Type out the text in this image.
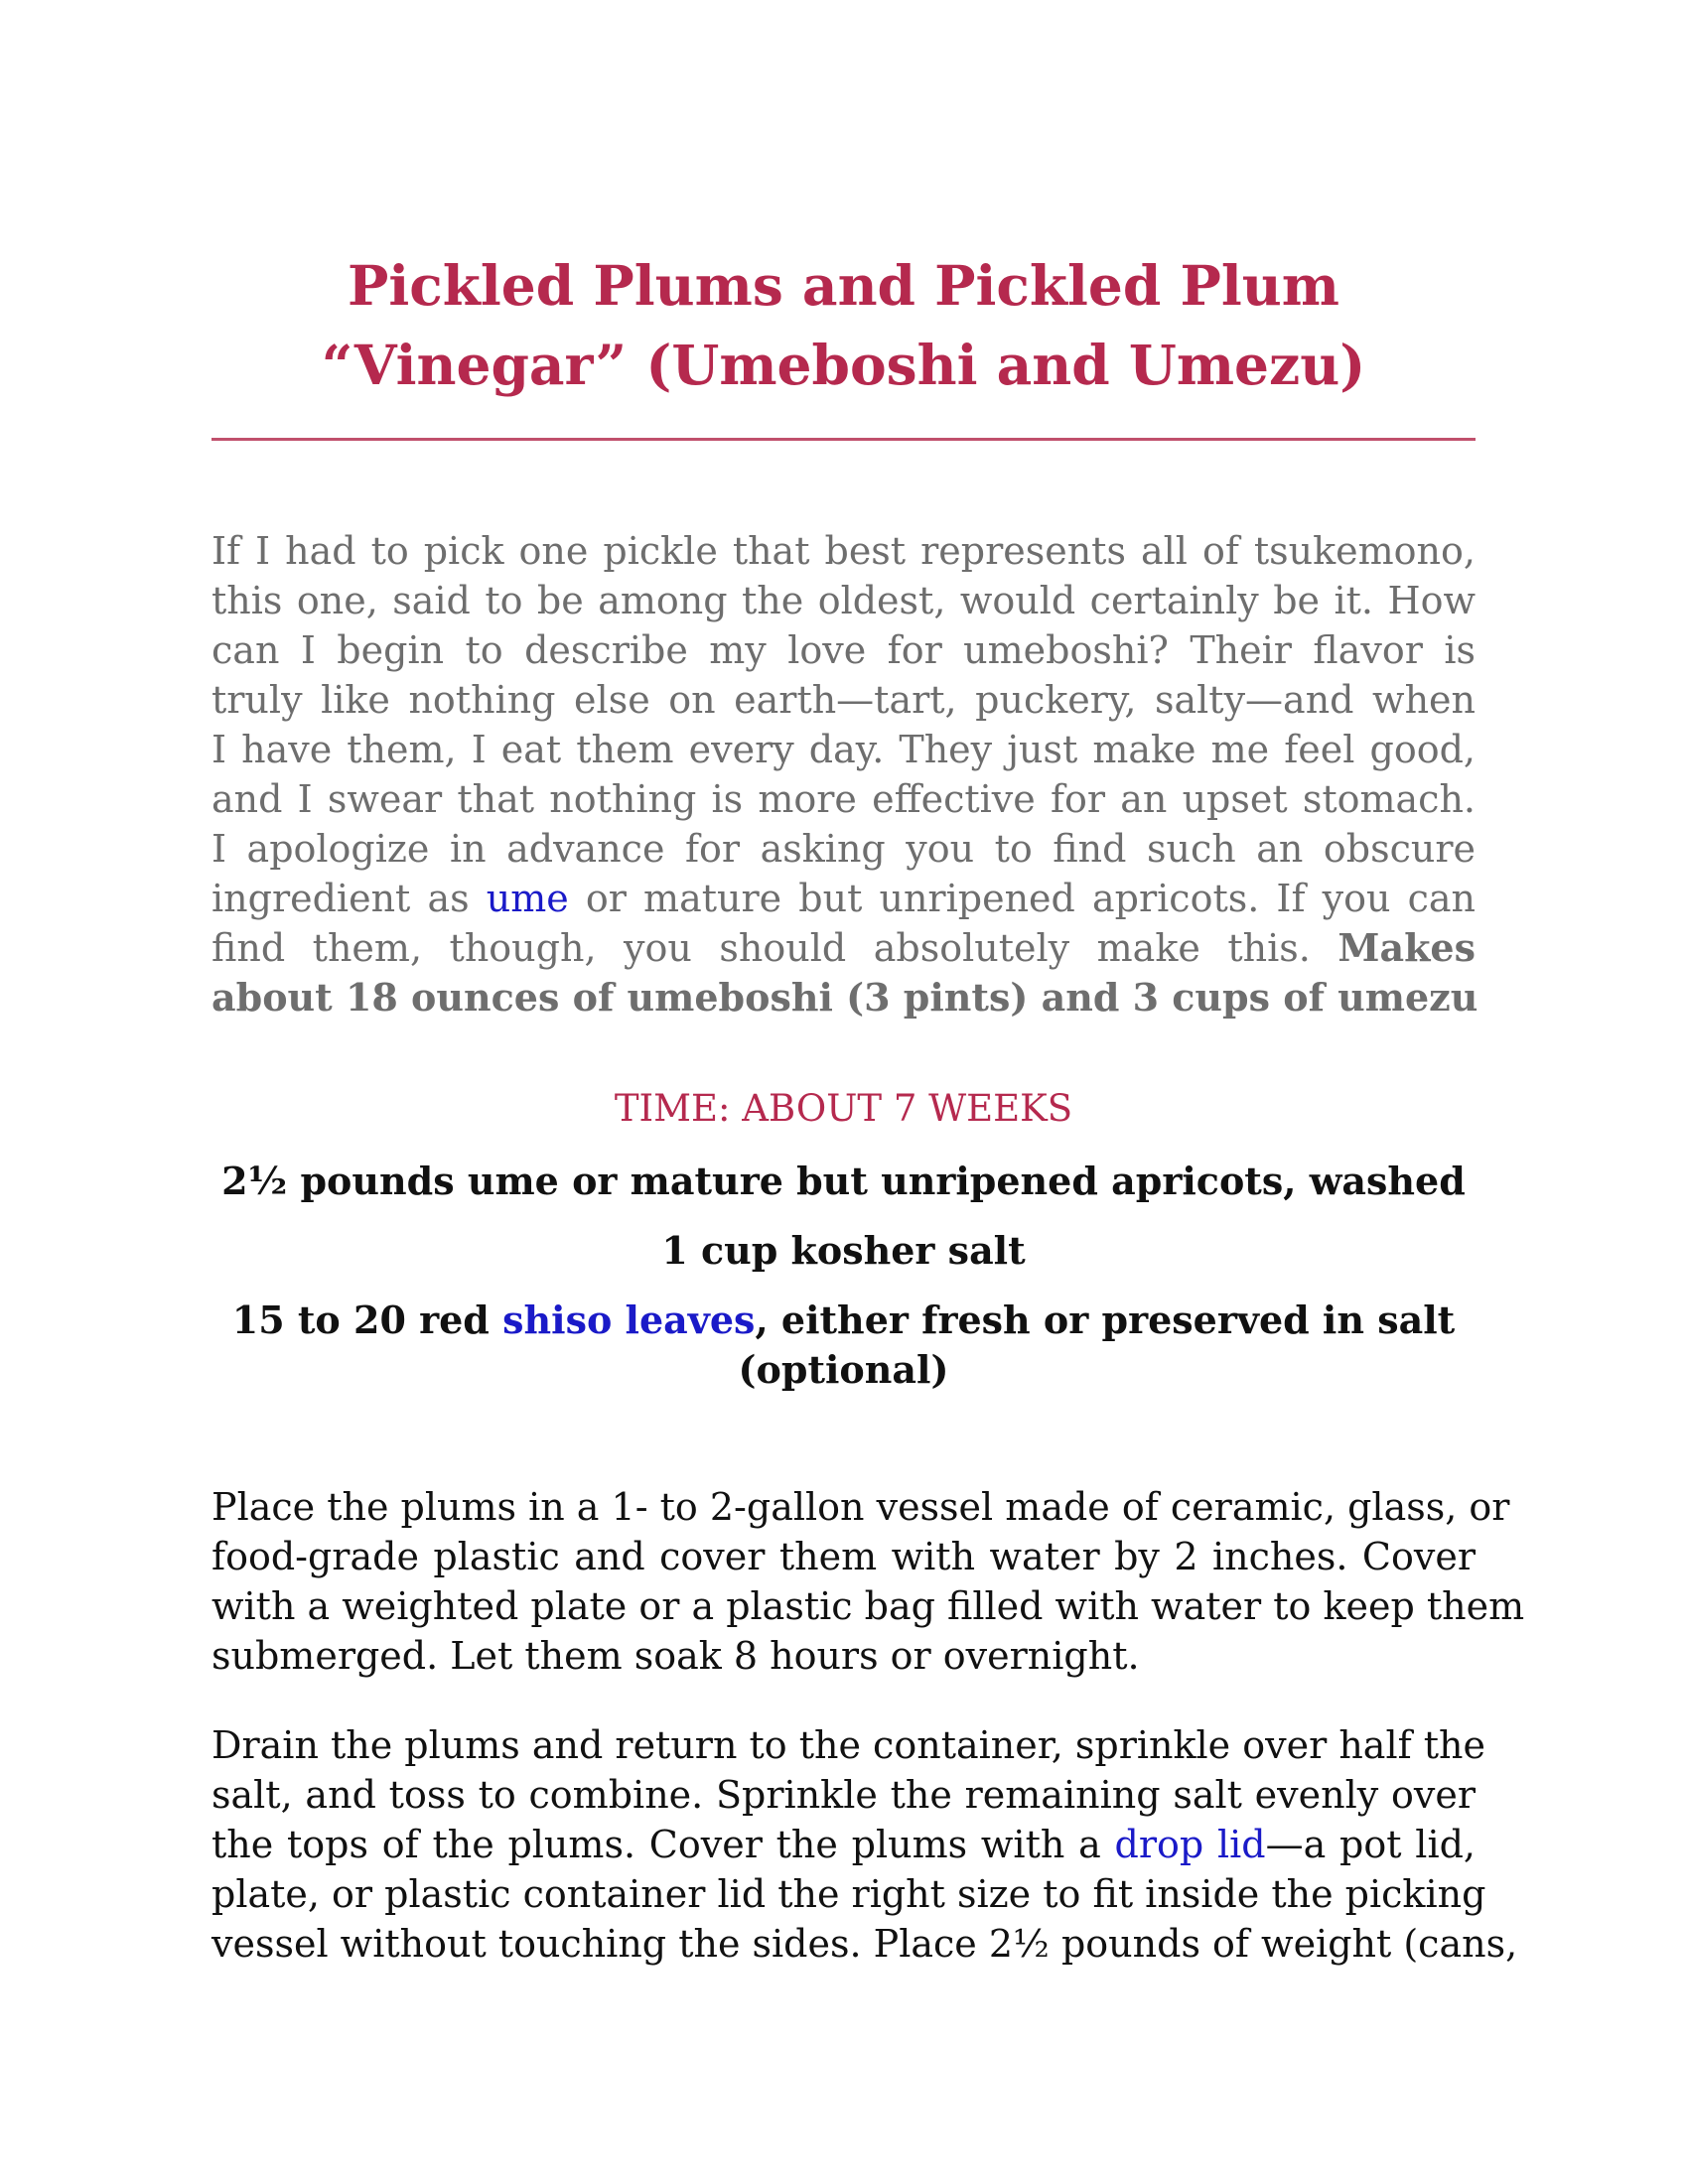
Pickled Plums and Pickled Plum
“Vinegar” (Umeboshi and Umezu)
If I had to pick one pickle that best represents all of tsukemono,
this one, said to be among the oldest, would certainly be it. How
can I begin to describe my love for umeboshi? Their flavor is
truly like nothing else on earth—tart, puckery, salty—and when
I have them, I eat them every day. They just make me feel good,
and I swear that nothing is more effective for an upset stomach.
I apologize in advance for asking you to find such an obscure
ingredient as ume or mature but unripened apricots. If you can
find them, though, you should absolutely make this. Makes
about 18 ounces of umeboshi (3 pints) and 3 cups of umezu

TIME: ABOUT 7 WEEKS

2½ pounds ume or mature but unripened apricots, washed
1 cup kosher salt
15 to 20 red shiso leaves, either fresh or preserved in salt
(optional)

Place the plums in a 1- to 2-gallon vessel made of ceramic, glass, or
food-grade plastic and cover them with water by 2 inches. Cover
with a weighted plate or a plastic bag filled with water to keep them
submerged. Let them soak 8 hours or overnight.

Drain the plums and return to the container, sprinkle over half the
salt, and toss to combine. Sprinkle the remaining salt evenly over
the tops of the plums. Cover the plums with a drop lid—a pot lid,
plate, or plastic container lid the right size to fit inside the picking
vessel without touching the sides. Place 2½ pounds of weight (cans,
